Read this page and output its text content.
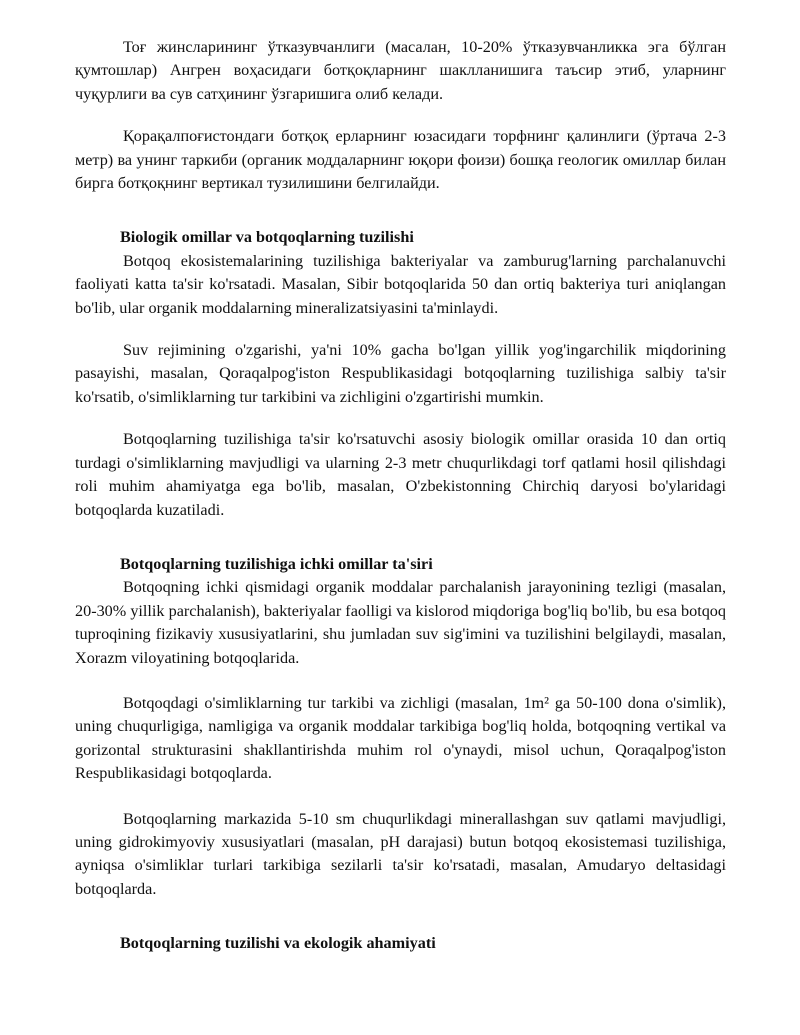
Тоғ жинсларининг ўтказувчанлиги (масалан, 10-20% ўтказувчанликка эга бўлган қумтошлар) Ангрен воҳасидаги ботқоқларнинг шаклланишига таъсир этиб, уларнинг чуқурлиги ва сув сатҳининг ўзгаришига олиб келади.

Қорақалпоғистондаги ботқоқ ерларнинг юзасидаги торфнинг қалинлиги (ўртача 2-3 метр) ва унинг таркиби (органик моддаларнинг юқори фоизи) бошқа геологик омиллар билан бирга ботқоқнинг вертикал тузилишини белгилайди.

Biologik omillar va botqoqlarning tuzilishi

Botqoq ekosistemalarining tuzilishiga bakteriyalar va zamburug'larning parchalanuvchi faoliyati katta ta'sir ko'rsatadi. Masalan, Sibir botqoqlarida 50 dan ortiq bakteriya turi aniqlangan bo'lib, ular organik moddalarning mineralizatsiyasini ta'minlaydi.

Suv rejimining o'zgarishi, ya'ni 10% gacha bo'lgan yillik yog'ingarchilik miqdorining pasayishi, masalan, Qoraqalpog'iston Respublikasidagi botqoqlarning tuzilishiga salbiy ta'sir ko'rsatib, o'simliklarning tur tarkibini va zichligini o'zgartirishi mumkin.

Botqoqlarning tuzilishiga ta'sir ko'rsatuvchi asosiy biologik omillar orasida 10 dan ortiq turdagi o'simliklarning mavjudligi va ularning 2-3 metr chuqurlikdagi torf qatlami hosil qilishdagi roli muhim ahamiyatga ega bo'lib, masalan, O'zbekistonning Chirchiq daryosi bo'ylaridagi botqoqlarda kuzatiladi.

Botqoqlarning tuzilishiga ichki omillar ta'siri

Botqoqning ichki qismidagi organik moddalar parchalanish jarayonining tezligi (masalan, 20-30% yillik parchalanish), bakteriyalar faolligi va kislorod miqdoriga bog'liq bo'lib, bu esa botqoq tuproqining fizikaviy xususiyatlarini, shu jumladan suv sig'imini va tuzilishini belgilaydi, masalan, Xorazm viloyatining botqoqlarida.

Botqoqdagi o'simliklarning tur tarkibi va zichligi (masalan, 1m² ga 50-100 dona o'simlik), uning chuqurligiga, namligiga va organik moddalar tarkibiga bog'liq holda, botqoqning vertikal va gorizontal strukturasini shakllantirishda muhim rol o'ynaydi, misol uchun, Qoraqalpog'iston Respublikasidagi botqoqlarda.

Botqoqlarning markazida 5-10 sm chuqurlikdagi minerallashgan suv qatlami mavjudligi, uning gidrokimyoviy xususiyatlari (masalan, pH darajasi) butun botqoq ekosistemasi tuzilishiga, ayniqsa o'simliklar turlari tarkibiga sezilarli ta'sir ko'rsatadi, masalan, Amudaryo deltasidagi botqoqlarda.

Botqoqlarning tuzilishi va ekologik ahamiyati
